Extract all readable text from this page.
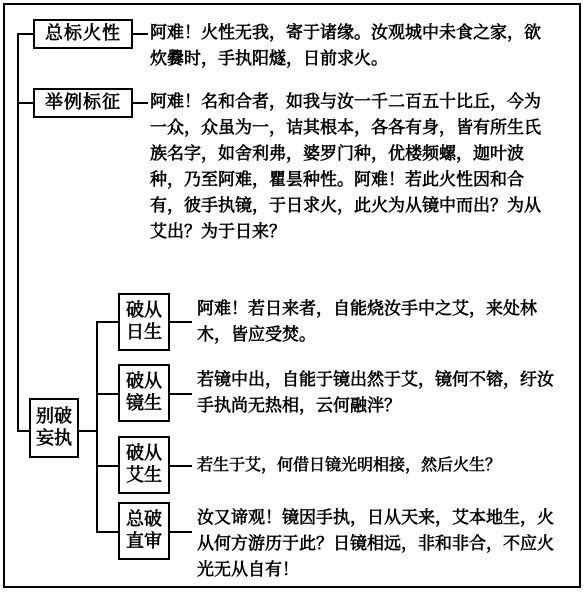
总标火性 阿难！火性无我，寄于诸缘。汝观城中未食之家，欲炊爨时，手执阳燧，日前求火。

举例标征 阿难！名和合者，如我与汝一千二百五十比丘，今为一众，众虽为一，诘其根本，各各有身，皆有所生氏族名字，如舍利弗，婆罗门种，优楼频螺，迦叶波种，乃至阿难，瞿昙种性。阿难！若此火性因和合有，彼手执镜，于日求火，此火为从镜中而出？为从艾出？为于日来？

别破
妄执
破从
日生

阿难！若日来者，自能烧汝手中之艾，来处林木，皆应受焚。

破从
镜生

若镜中出，自能于镜出然于艾，镜何不镕，纡汝手执尚无热相，云何融泮？

破从
艾生

若生于艾，何借日镜光明相接，然后火生？

总破
直审

汝又谛观！镜因手执，日从天来，艾本地生，火从何方游历于此？日镜相远，非和非合，不应火光无从自有！
